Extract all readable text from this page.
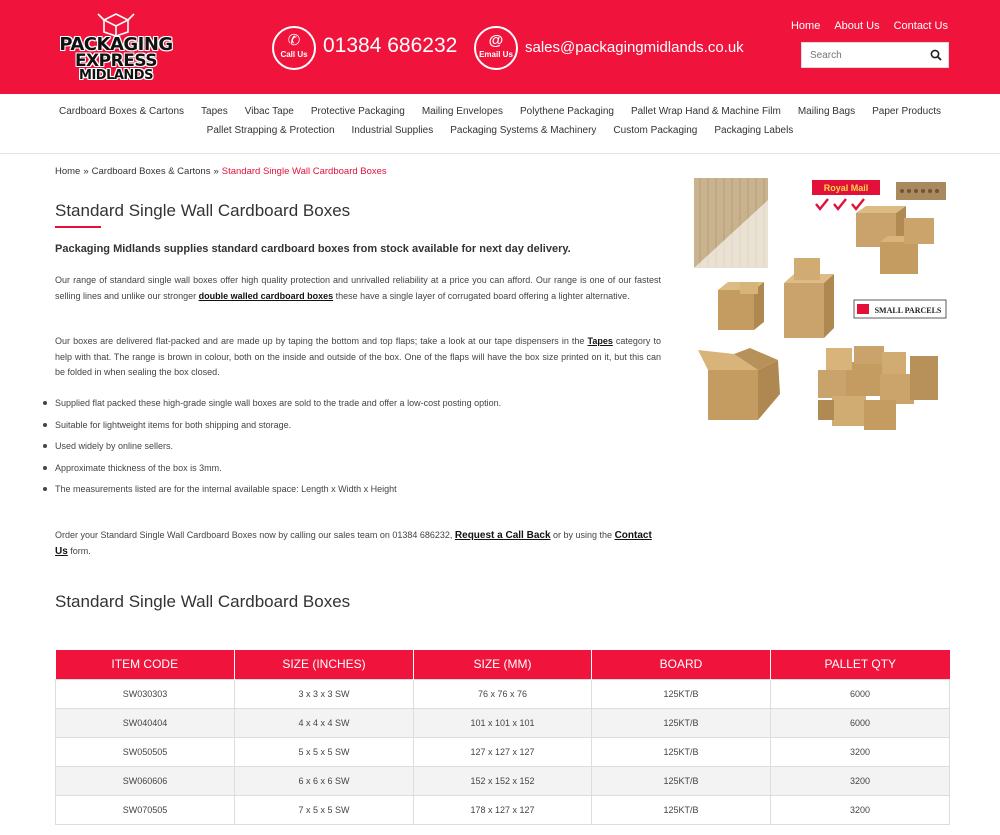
PACKAGING
EXPRESS
MIDLANDS
✆
Call Us 01384 686232	@
Email Us sales@packagingmidlands.co.uk
Home About Us Contact Us
Search
Cardboard Boxes & Cartons Tapes Vibac Tape Protective Packaging Mailing Envelopes Polythene Packaging Pallet Wrap Hand & Machine Film Mailing Bags Paper Products
Pallet Strapping & Protection Industrial Supplies Packaging Systems & Machinery Custom Packaging Packaging Labels
Home » Cardboard Boxes & Cartons » Standard Single Wall Cardboard Boxes
Standard Single Wall Cardboard Boxes

Packaging Midlands supplies standard cardboard boxes from stock available for next day delivery.

Our range of standard single wall boxes offer high quality protection and unrivalled reliability at a price you can afford. Our range is one of our fastest selling lines and unlike our stronger double walled cardboard boxes these have a single layer of corrugated board offering a lighter alternative.

Our boxes are delivered flat-packed and are made up by taping the bottom and top flaps; take a look at our tape dispensers in the Tapes category to help with that. The range is brown in colour, both on the inside and outside of the box. One of the flaps will have the box size printed on it, but this can be folded in when sealing the box closed.

Supplied flat packed these high-grade single wall boxes are sold to the trade and offer a low-cost posting option.
Suitable for lightweight items for both shipping and storage.
Used widely by online sellers.
Approximate thickness of the box is 3mm.
The measurements listed are for the internal available space: Length x Width x Height

Order your Standard Single Wall Cardboard Boxes now by calling our sales team on 01384 686232, Request a Call Back or by using the Contact Us form.

Standard Single Wall Cardboard Boxes
Royal Mail
SMALL PARCELS
ITEM CODE	SIZE (INCHES)	SIZE (MM)	BOARD	PALLET QTY
SW030303	3 x 3 x 3 SW	76 x 76 x 76	125KT/B	6000
SW040404	4 x 4 x 4 SW	101 x 101 x 101	125KT/B	6000
SW050505	5 x 5 x 5 SW	127 x 127 x 127	125KT/B	3200
SW060606	6 x 6 x 6 SW	152 x 152 x 152	125KT/B	3200
SW070505	7 x 5 x 5 SW	178 x 127 x 127	125KT/B	3200
